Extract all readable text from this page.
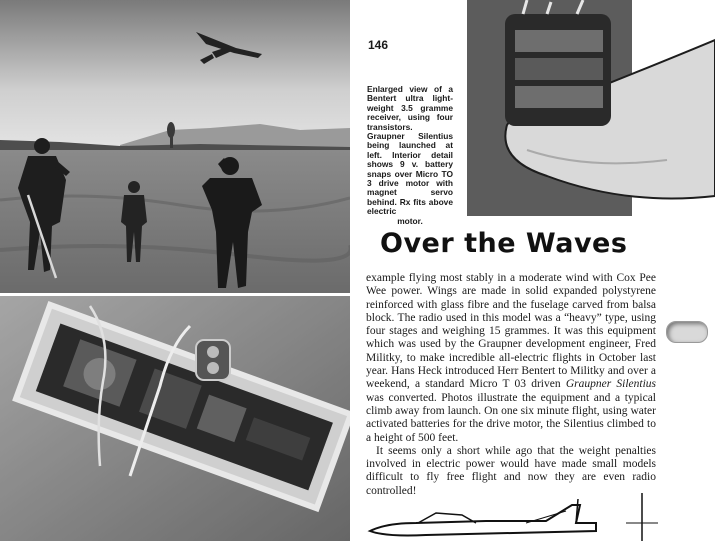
146

Enlarged view of a Bentert ultra light-weight 3.5 gramme receiver, using four transistors.

Graupner Silentius being launched at left. Interior detail shows 9 v. battery snaps over Micro TO 3 drive motor with magnet servo behind. Rx fits above electric

motor.

Over the Waves

example flying most stably in a moderate wind with Cox Pee Wee power. Wings are made in solid expanded polystyrene reinforced with glass fibre and the fuselage carved from balsa block. The radio used in this model was a “heavy” type, using four stages and weighing 15 grammes. It was this equipment which was used by the Graupner development engineer, Fred Militky, to make incredible all-electric flights in October last year. Hans Heck introduced Herr Bentert to Militky and over a weekend, a standard Micro T 03 driven Graupner Silentius was converted. Photos illustrate the equipment and a typical climb away from launch. On one six minute flight, using water activated batteries for the drive motor, the Silentius climbed to a height of 500 feet.

It seems only a short while ago that the weight penalties involved in electric power would have made small models difficult to fly free flight and now they are even radio controlled!
